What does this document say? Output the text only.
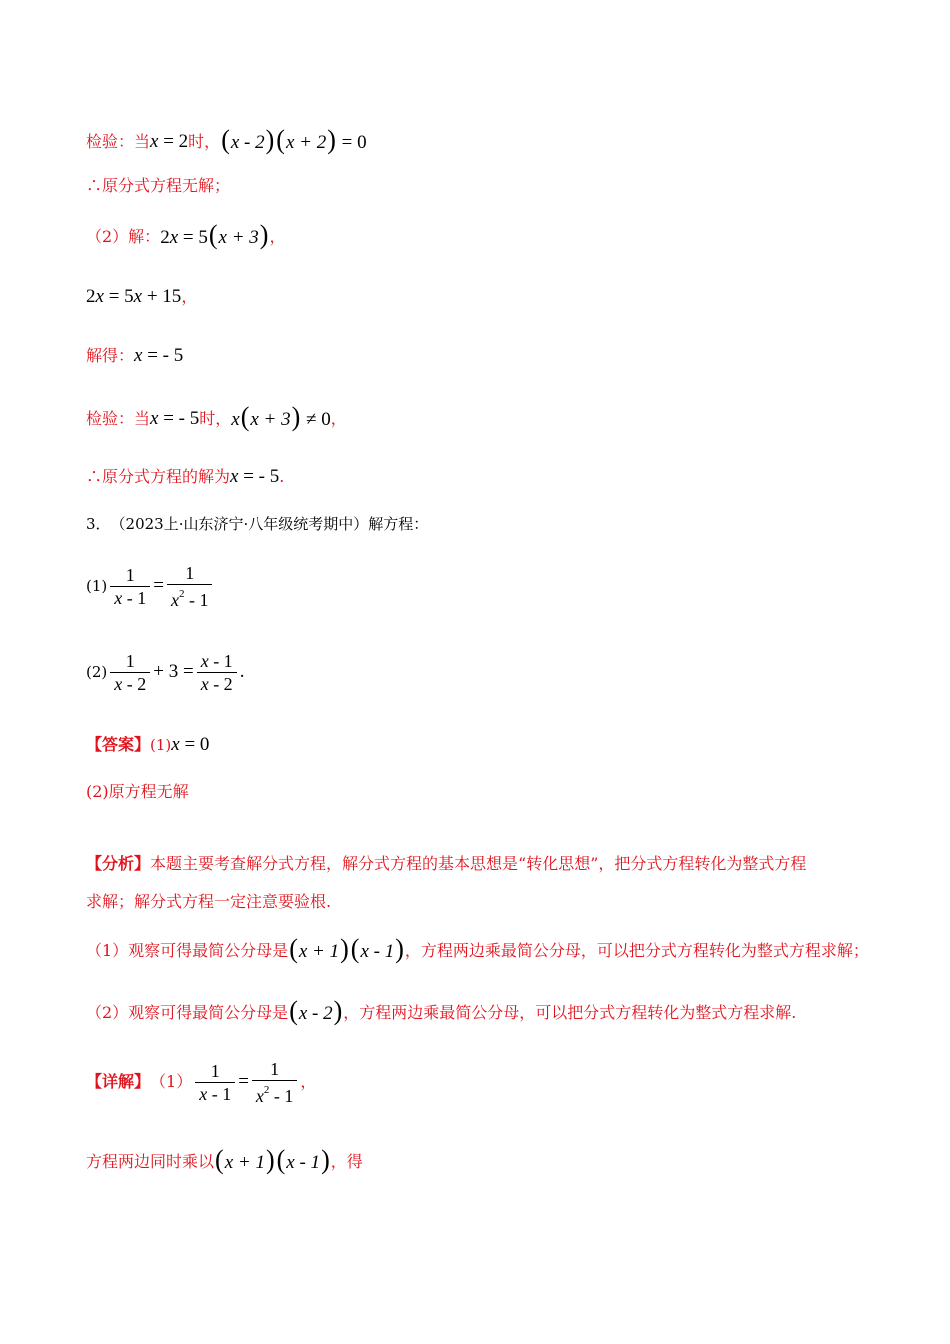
检验：当 x = 2 时， (x - 2)(x + 2) = 0
∴原分式方程无解；
（2）解： 2x = 5(x + 3) ，
2x = 5x + 15 ，
解得： x = - 5
检验：当 x = - 5 时， x(x + 3) ≠ 0 ，
∴原分式方程的解为 x = - 5 .
3． （2023上·山东济宁·八年级统考期中）解方程：
$(1) \frac{1}{x - 1} = \frac{1}{x^2 - 1}$
$(2) \frac{1}{x - 2} + 3 = \frac{x - 1}{x - 2}$ .
【答案】 (1) x = 0
(2)原方程无解
【分析】 本题主要考查解分式方程，解分式方程的基本思想是“转化思想”，把分式方程转化为整式方程
求解；解分式方程一定注意要验根.
（1）观察可得最简公分母是 (x + 1)(x - 1) ，方程两边乘最简公分母，可以把分式方程转化为整式方程求解；
（2）观察可得最简公分母是 (x - 2) ，方程两边乘最简公分母，可以把分式方程转化为整式方程求解.
【详解】 $(1) \frac{1}{x - 1} = \frac{1}{x^2 - 1}$ ，
方程两边同时乘以 (x + 1)(x - 1) ，得
